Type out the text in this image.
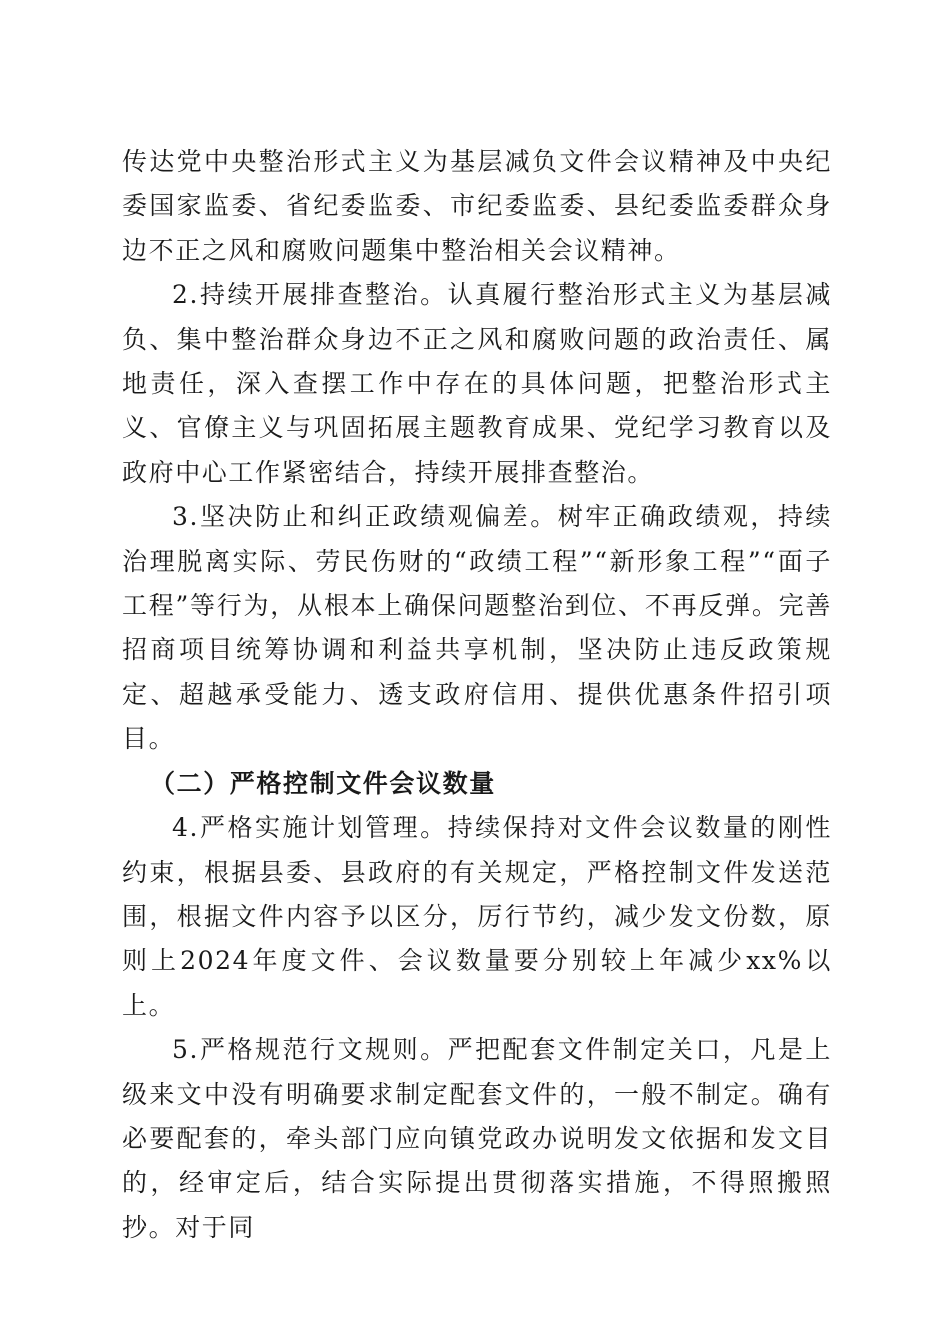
传达党中央整治形式主义为基层减负文件会议精神及中央纪委国家监委、省纪委监委、市纪委监委、县纪委监委群众身边不正之风和腐败问题集中整治相关会议精神。

2.持续开展排查整治。认真履行整治形式主义为基层减负、集中整治群众身边不正之风和腐败问题的政治责任、属地责任，深入查摆工作中存在的具体问题，把整治形式主义、官僚主义与巩固拓展主题教育成果、党纪学习教育以及政府中心工作紧密结合，持续开展排查整治。

3.坚决防止和纠正政绩观偏差。树牢正确政绩观，持续治理脱离实际、劳民伤财的“政绩工程”“新形象工程”“面子工程”等行为，从根本上确保问题整治到位、不再反弹。完善招商项目统筹协调和利益共享机制，坚决防止违反政策规定、超越承受能力、透支政府信用、提供优惠条件招引项目。

（二）严格控制文件会议数量

4.严格实施计划管理。持续保持对文件会议数量的刚性约束，根据县委、县政府的有关规定，严格控制文件发送范围，根据文件内容予以区分，厉行节约，减少发文份数，原则上2024年度文件、会议数量要分别较上年减少xx%以上。

5.严格规范行文规则。严把配套文件制定关口，凡是上级来文中没有明确要求制定配套文件的，一般不制定。确有必要配套的，牵头部门应向镇党政办说明发文依据和发文目的，经审定后，结合实际提出贯彻落实措施，不得照搬照抄。对于同
